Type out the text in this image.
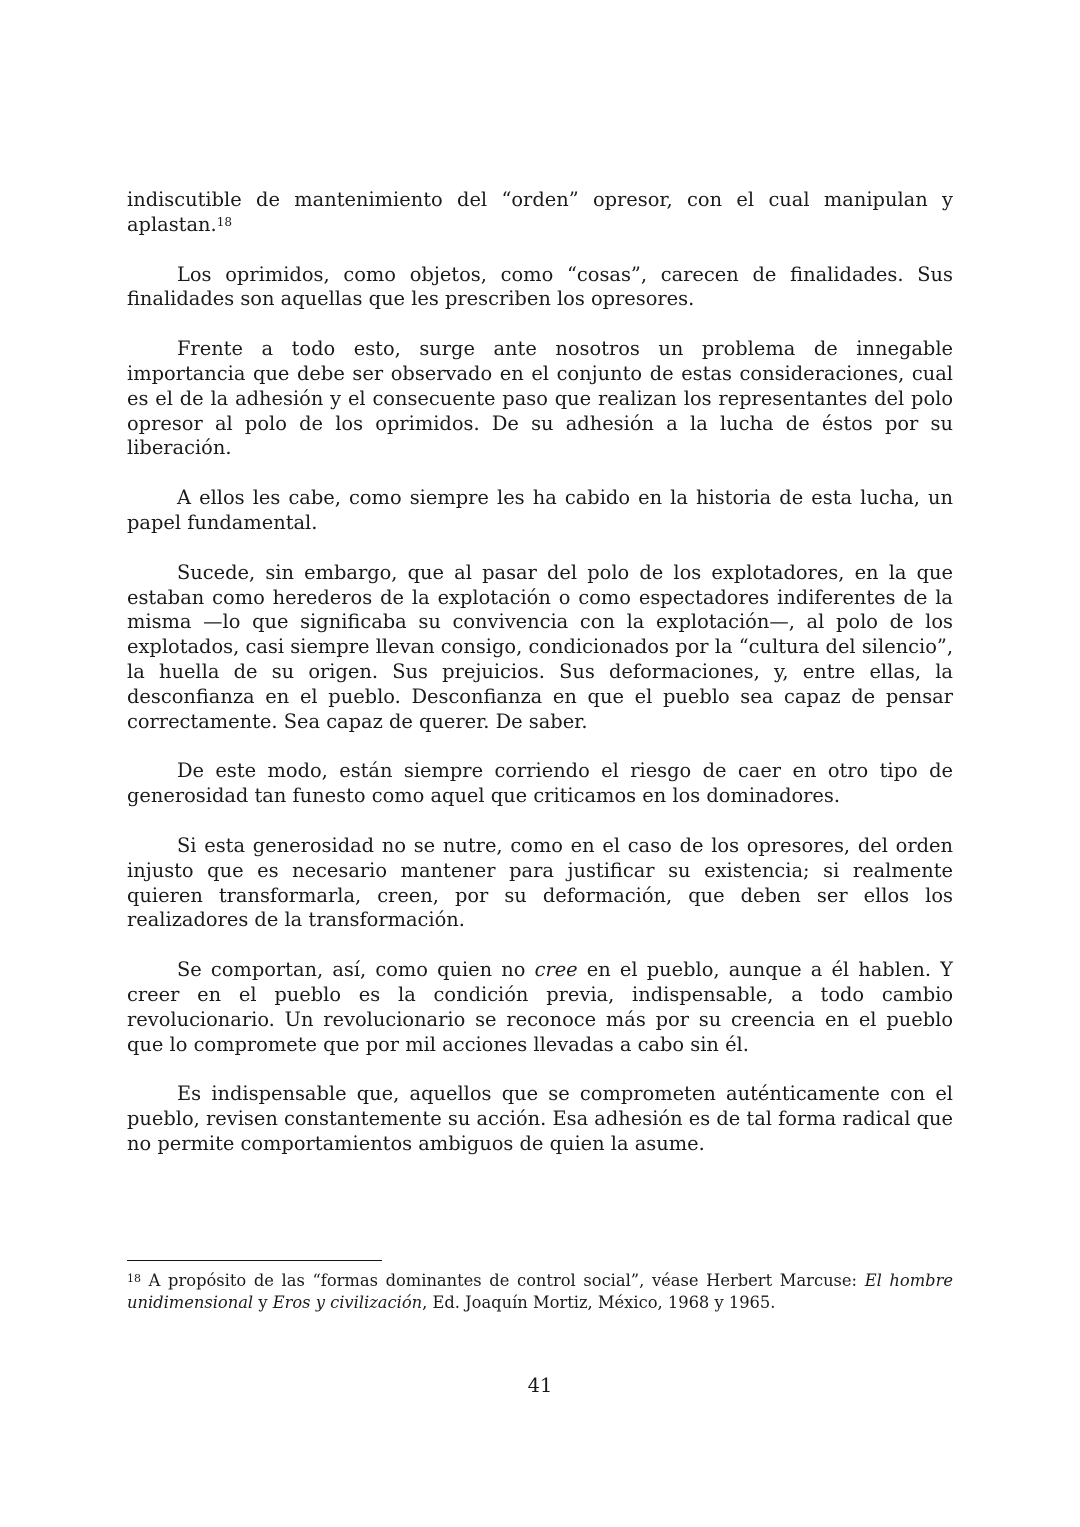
indiscutible de mantenimiento del “orden” opresor, con el cual manipulan y aplastan.$^{18}$

Los oprimidos, como objetos, como “cosas”, carecen de finalidades. Sus finalidades son aquellas que les prescriben los opresores.

Frente a todo esto, surge ante nosotros un problema de innegable importancia que debe ser observado en el conjunto de estas consideraciones, cual es el de la adhesión y el consecuente paso que realizan los representantes del polo opresor al polo de los oprimidos. De su adhesión a la lucha de éstos por su liberación.

A ellos les cabe, como siempre les ha cabido en la historia de esta lucha, un papel fundamental.

Sucede, sin embargo, que al pasar del polo de los explotadores, en la que estaban como herederos de la explotación o como espectadores indiferentes de la misma —lo que significaba su convivencia con la explotación—, al polo de los explotados, casi siempre llevan consigo, condicionados por la “cultura del silencio”, la huella de su origen. Sus prejuicios. Sus deformaciones, y, entre ellas, la desconfianza en el pueblo. Desconfianza en que el pueblo sea capaz de pensar correctamente. Sea capaz de querer. De saber.

De este modo, están siempre corriendo el riesgo de caer en otro tipo de generosidad tan funesto como aquel que criticamos en los dominadores.

Si esta generosidad no se nutre, como en el caso de los opresores, del orden injusto que es necesario mantener para justificar su existencia; si realmente quieren transformarla, creen, por su deformación, que deben ser ellos los realizadores de la transformación.

Se comportan, así, como quien no cree en el pueblo, aunque a él hablen. Y creer en el pueblo es la condición previa, indispensable, a todo cambio revolucionario. Un revolucionario se reconoce más por su creencia en el pueblo que lo compromete que por mil acciones llevadas a cabo sin él.

Es indispensable que, aquellos que se comprometen auténticamente con el pueblo, revisen constantemente su acción. Esa adhesión es de tal forma radical que no permite comportamientos ambiguos de quien la asume.

$^{18}$ A propósito de las “formas dominantes de control social”, véase Herbert Marcuse: El hombre unidimensional y Eros y civilización, Ed. Joaquín Mortiz, México, 1968 y 1965.

41
